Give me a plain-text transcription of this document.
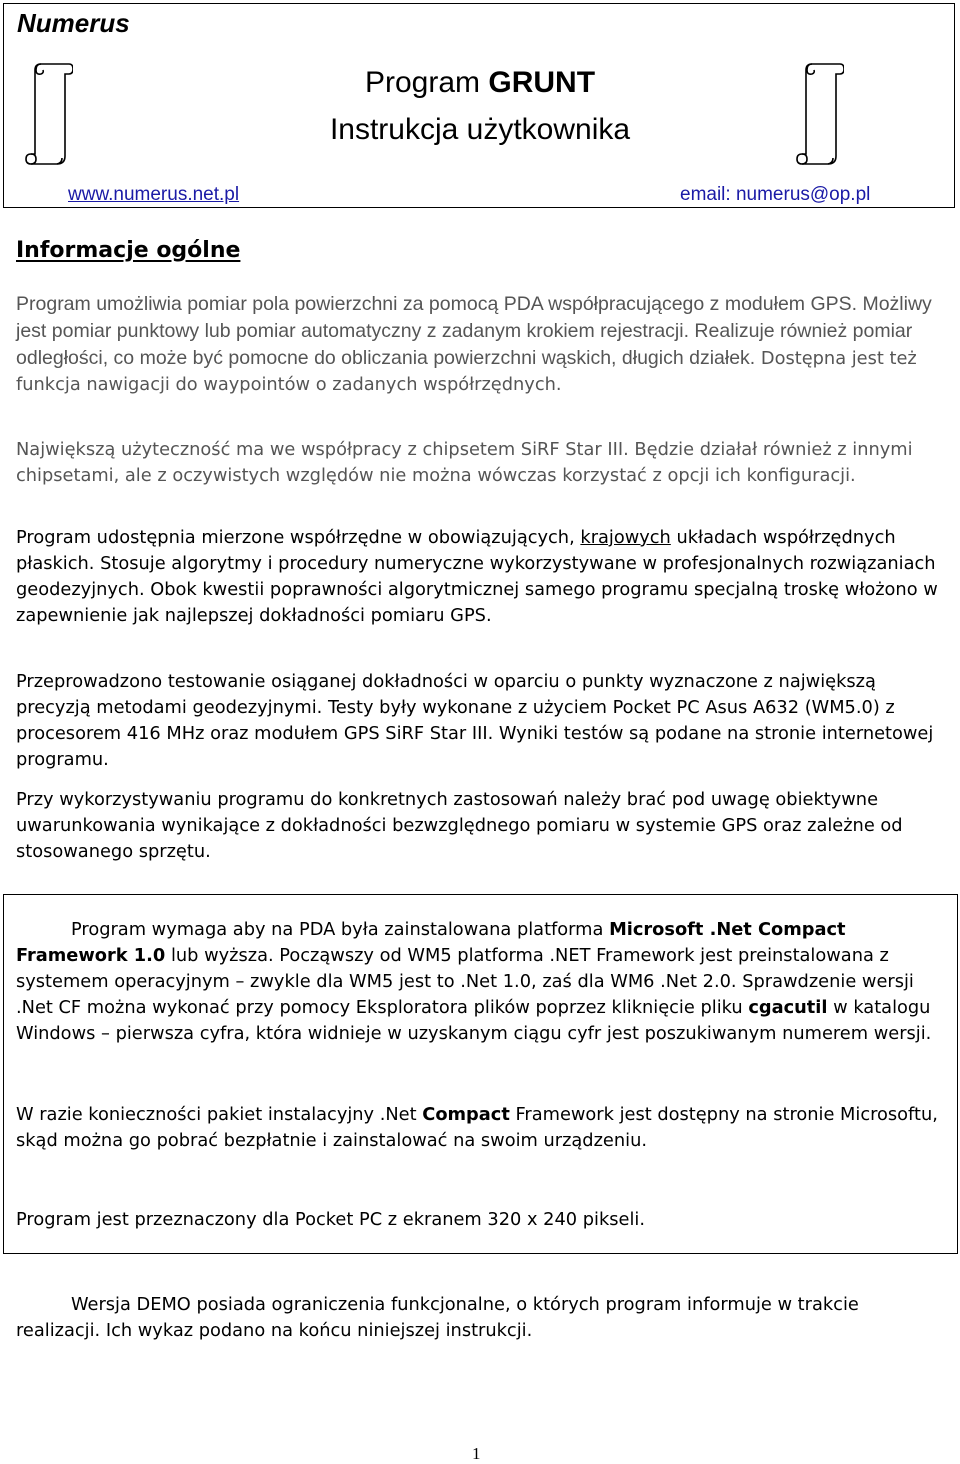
Numerus
Program GRUNT
Instrukcja użytkownika
www.numerus.net.pl	email: numerus@op.pl
Informacje ogólne
Program umożliwia pomiar pola powierzchni za pomocą PDA współpracującego z modułem GPS. Możliwy jest pomiar punktowy lub pomiar automatyczny z zadanym krokiem rejestracji. Realizuje również pomiar odległości, co może być pomocne do obliczania powierzchni wąskich, długich działek. Dostępna jest też funkcja nawigacji do waypointów o zadanych współrzędnych.
Największą użyteczność ma we współpracy z chipsetem SiRF Star III. Będzie działał również z innymi chipsetami, ale z oczywistych względów nie można wówczas korzystać z opcji ich konfiguracji.
Program udostępnia mierzone współrzędne w obowiązujących, krajowych układach współrzędnych płaskich. Stosuje algorytmy i procedury numeryczne wykorzystywane w profesjonalnych rozwiązaniach geodezyjnych. Obok kwestii poprawności algorytmicznej samego programu specjalną troskę włożono w zapewnienie jak najlepszej dokładności pomiaru GPS.
Przeprowadzono testowanie osiąganej dokładności w oparciu o punkty wyznaczone z największą precyzją metodami geodezyjnymi. Testy były wykonane z użyciem Pocket PC Asus A632 (WM5.0) z procesorem 416 MHz oraz modułem GPS SiRF Star III. Wyniki testów są podane na stronie internetowej programu.
Przy wykorzystywaniu programu do konkretnych zastosowań należy brać pod uwagę obiektywne uwarunkowania wynikające z dokładności bezwzględnego pomiaru w systemie GPS oraz zależne od stosowanego sprzętu.
Program wymaga aby na PDA była zainstalowana platforma Microsoft .Net Compact Framework 1.0 lub wyższa. Począwszy od WM5 platforma .NET Framework jest preinstalowana z systemem operacyjnym – zwykle dla WM5 jest to .Net 1.0, zaś dla WM6 .Net 2.0. Sprawdzenie wersji .Net CF można wykonać przy pomocy Eksploratora plików poprzez kliknięcie pliku cgacutil w katalogu Windows – pierwsza cyfra, która widnieje w uzyskanym ciągu cyfr jest poszukiwanym numerem wersji.
W razie konieczności pakiet instalacyjny .Net Compact Framework jest dostępny na stronie Microsoftu, skąd można go pobrać bezpłatnie i zainstalować na swoim urządzeniu.
Program jest przeznaczony dla Pocket PC z ekranem 320 x 240 pikseli.
Wersja DEMO posiada ograniczenia funkcjonalne, o których program informuje w trakcie realizacji. Ich wykaz podano na końcu niniejszej instrukcji.
1
